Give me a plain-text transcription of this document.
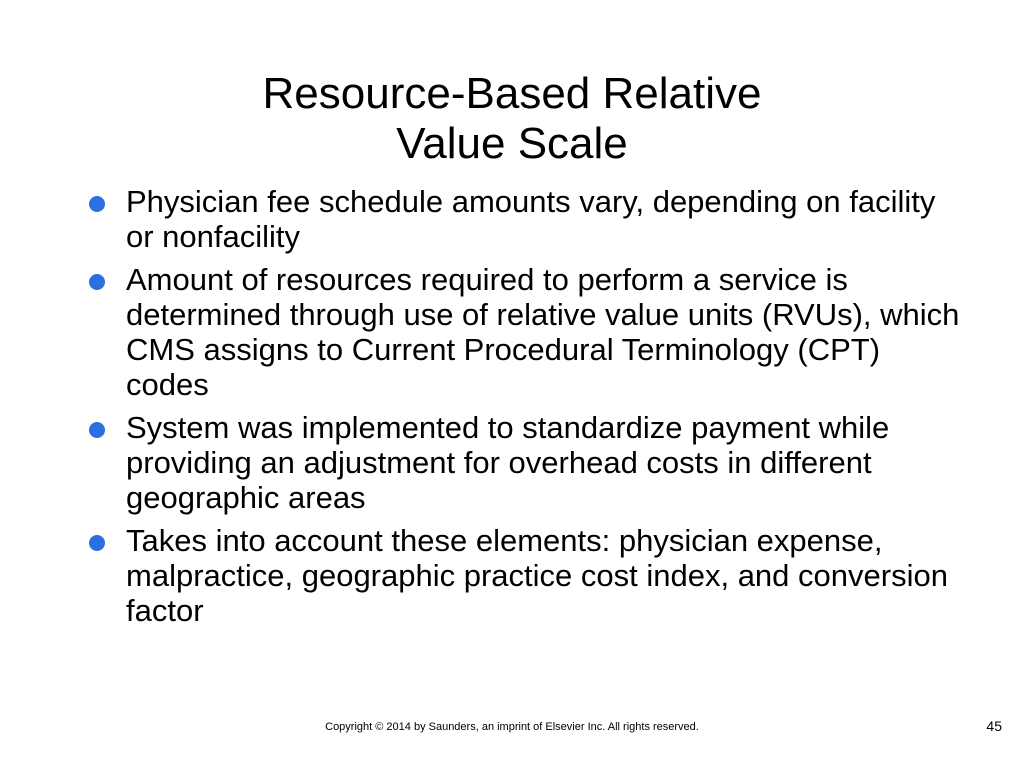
Resource-Based Relative
Value Scale
Physician fee schedule amounts vary, depending on facility or nonfacility
Amount of resources required to perform a service is determined through use of relative value units (RVUs), which CMS assigns to Current Procedural Terminology (CPT) codes
System was implemented to standardize payment while providing an adjustment for overhead costs in different geographic areas
Takes into account these elements: physician expense, malpractice, geographic practice cost index, and conversion factor
Copyright © 2014 by Saunders, an imprint of Elsevier Inc. All rights reserved.	45
